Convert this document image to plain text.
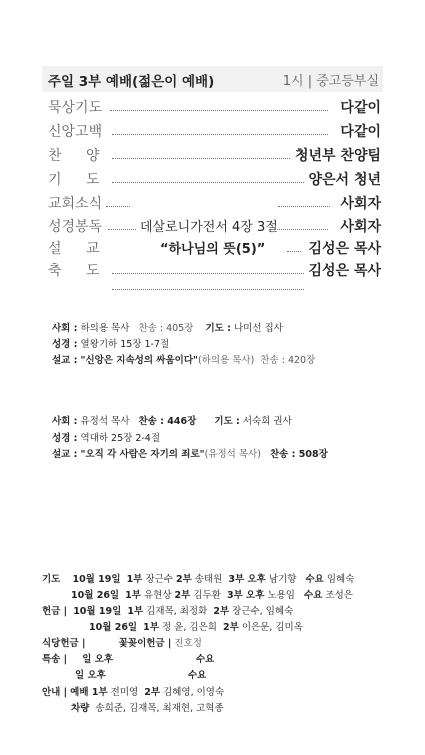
주일 3부 예배(젊은이 예배)	1시 | 중고등부실
묵상기도	다같이
신앙고백	다같이
찬 양	청년부 찬양팀
기 도	양은서 청년
교회소식	사회자
성경봉독	데살로니가전서 4장 3절	사회자
설 교	“하나님의 뜻(5)”	김성은 목사
축 도	김성은 목사
사회 : 하의용 목사 찬송 : 405장 기도 : 나미선 집사
성경 : 열왕기하 15장 1-7절
설교 : "신앙은 지속성의 싸움이다"(하의용 목사) 찬송 : 420장
사회 : 유정석 목사 찬송 : 446장 기도 : 서숙희 권사
성경 : 역대하 25장 2-4절
설교 : "오직 각 사람은 자기의 죄로"(유정석 목사) 찬송 : 508장
기도 10월 19일 1부 장근수 2부 송태원 3부 오후 남기향 수요 임혜숙
10월 26일 1부 유현상 2부 김두환 3부 오후 노용임 수요 조성은
헌금 | 10월 19일 1부 김재목, 최정화 2부 장근수, 임혜숙
10월 26일 1부 정 윤, 김은희 2부 이은문, 김미옥
식당헌금 |	꽃꽂이헌금 | 진호정
특송 | 일 오후	수요
일 오후	수요
안내 | 예배 1부 전미영 2부 김혜영, 이영숙
차량 송희준, 김재목, 최재현, 고혁종
